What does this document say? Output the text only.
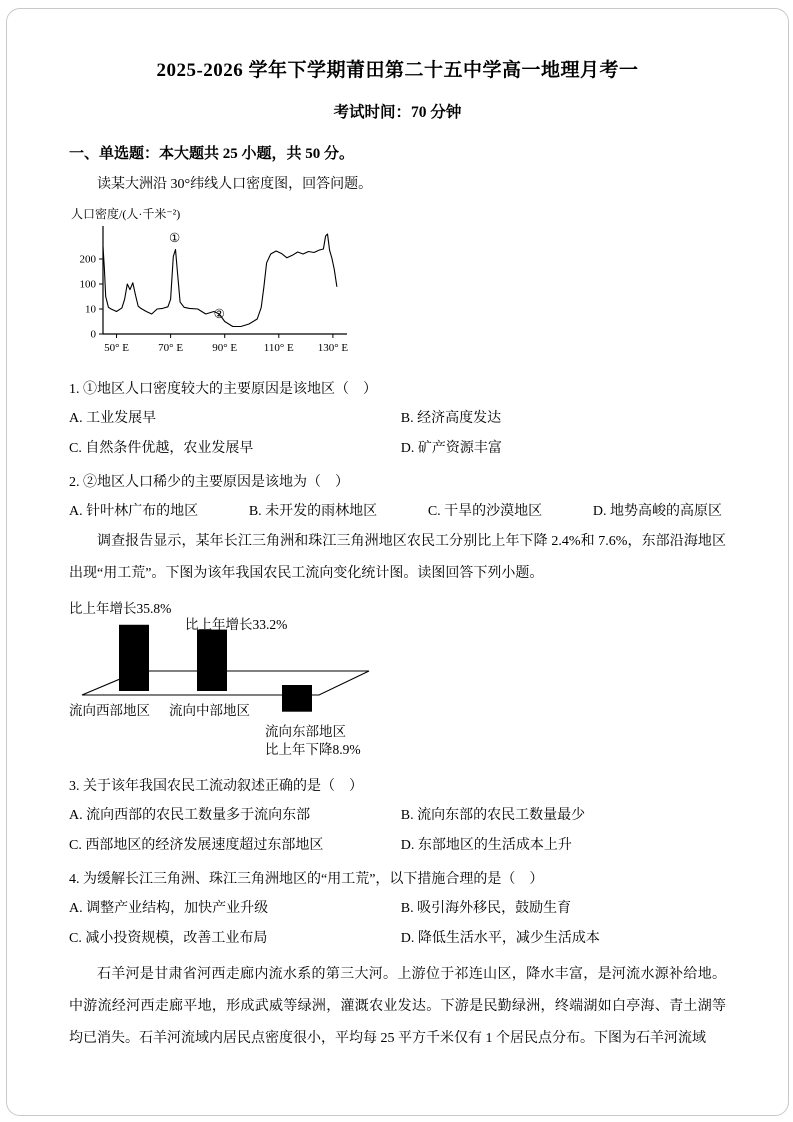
2025-2026 学年下学期莆田第二十五中学高一地理月考一
考试时间：70 分钟
一、单选题：本大题共 25 小题，共 50 分。

读某大洲沿 30°纬线人口密度图，回答问题。

人口密度/(人·千米⁻²)
0
10
100
200
50° E	70° E	90° E 110° E 130° E
①
②
1. ①地区人口密度较大的主要原因是该地区（　）
A. 工业发展早	B. 经济高度发达
C. 自然条件优越，农业发展早	D. 矿产资源丰富
2. ②地区人口稀少的主要原因是该地为（　）
A. 针叶林广布的地区	B. 未开发的雨林地区	C. 干旱的沙漠地区	D. 地势高峻的高原区

调查报告显示，某年长江三角洲和珠江三角洲地区农民工分别比上年下降 2.4%和 7.6%，东部沿海地区出现“用工荒”。下图为该年我国农民工流向变化统计图。读图回答下列小题。

比上年增长35.8%
比上年增长33.2%
流向西部地区 流向中部地区
流向东部地区
比上年下降8.9%
3. 关于该年我国农民工流动叙述正确的是（　）
A. 流向西部的农民工数量多于流向东部	B. 流向东部的农民工数量最少
C. 西部地区的经济发展速度超过东部地区	D. 东部地区的生活成本上升
4. 为缓解长江三角洲、珠江三角洲地区的“用工荒”，以下措施合理的是（　）
A. 调整产业结构，加快产业升级	B. 吸引海外移民，鼓励生育
C. 减小投资规模，改善工业布局	D. 降低生活水平，减少生活成本

石羊河是甘肃省河西走廊内流水系的第三大河。上游位于祁连山区，降水丰富，是河流水源补给地。中游流经河西走廊平地，形成武威等绿洲，灌溉农业发达。下游是民勤绿洲，终端湖如白亭海、青土湖等均已消失。石羊河流域内居民点密度很小，平均每 25 平方千米仅有 1 个居民点分布。下图为石羊河流域
